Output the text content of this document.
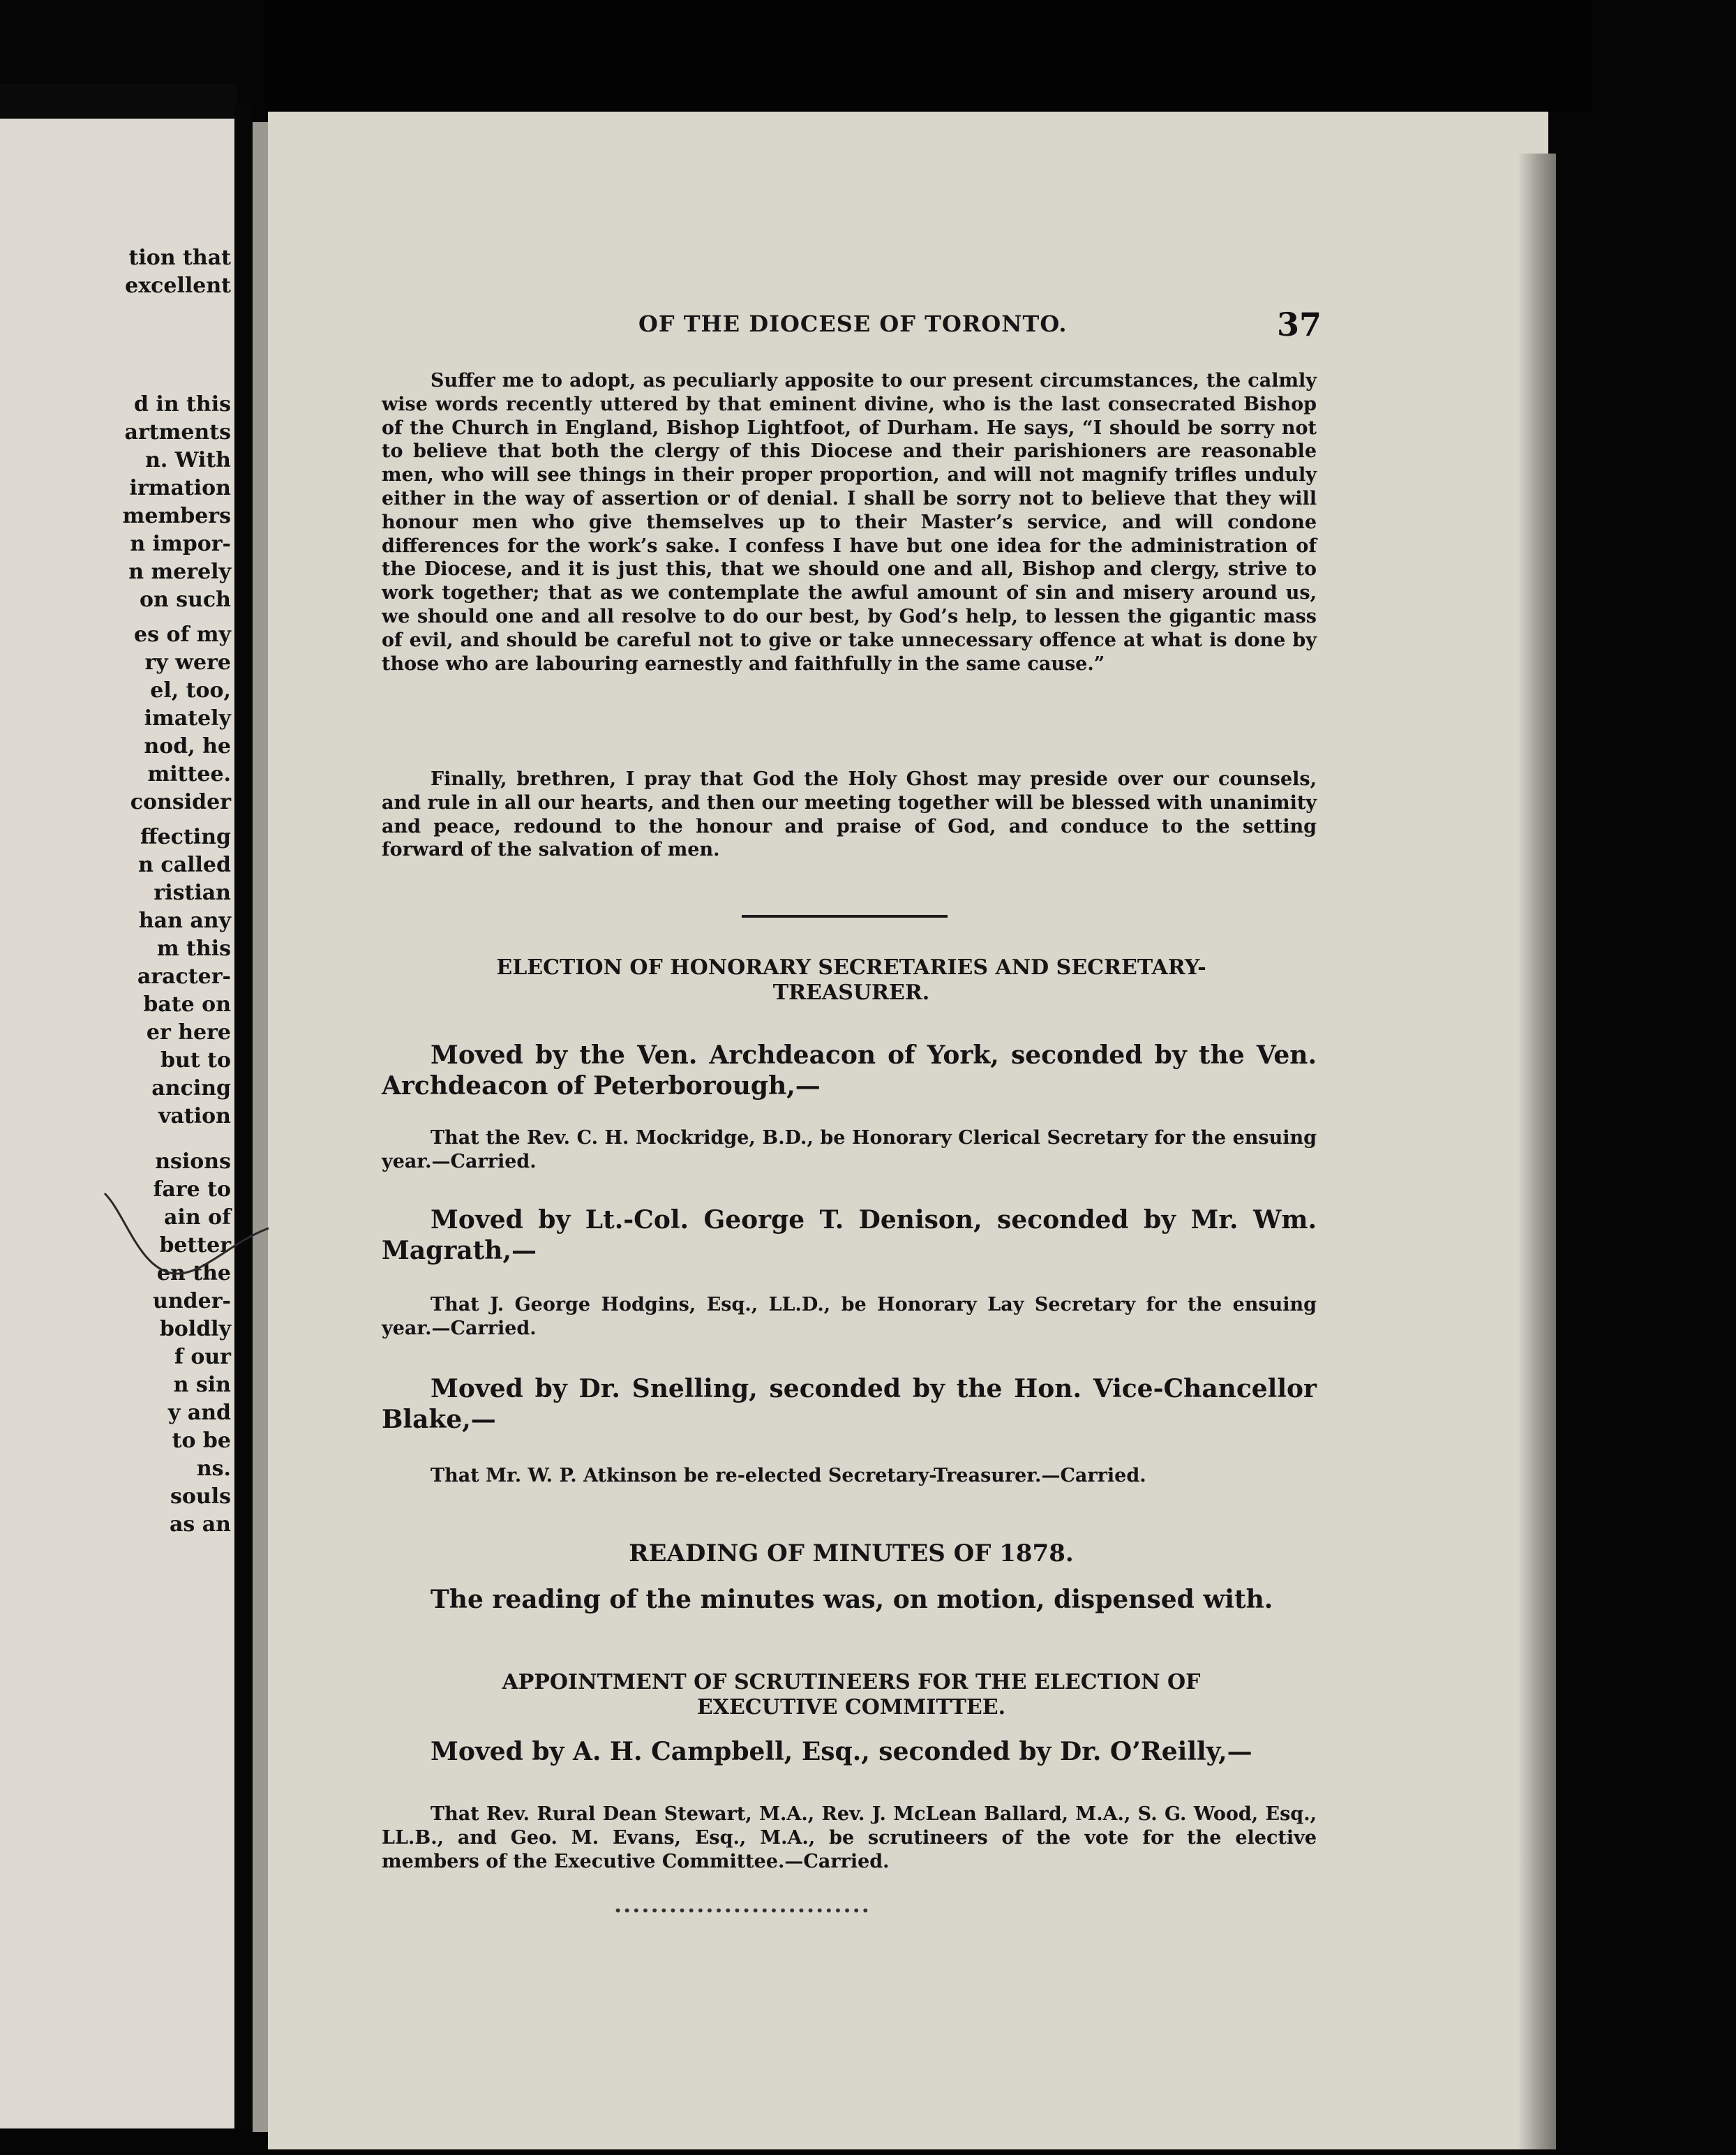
tion that
excellent
d in this
artments
n. With
irmation
members
n impor-
n merely
on such
es of my
ry were
el, too,
imately
nod, he
mittee.
consider
ffecting
n called
ristian
han any
m this
aracter-
bate on
er here
but to
ancing
vation
nsions
fare to
ain of
better
en the
under-
boldly
f our
n sin
y and
to be
ns.
souls
as an
OF THE DIOCESE OF TORONTO.	37

Suffer me to adopt, as peculiarly apposite to our present circumstances, the calmly wise words recently uttered by that eminent divine, who is the last consecrated Bishop of the Church in England, Bishop Lightfoot, of Durham. He says, “I should be sorry not to believe that both the clergy of this Diocese and their parishioners are reasonable men, who will see things in their proper proportion, and will not magnify trifles unduly either in the way of assertion or of denial. I shall be sorry not to believe that they will honour men who give themselves up to their Master’s service, and will condone differences for the work’s sake. I confess I have but one idea for the administration of the Diocese, and it is just this, that we should one and all, Bishop and clergy, strive to work together; that as we contemplate the awful amount of sin and misery around us, we should one and all resolve to do our best, by God’s help, to lessen the gigantic mass of evil, and should be careful not to give or take unnecessary offence at what is done by those who are labouring earnestly and faithfully in the same cause.”

Finally, brethren, I pray that God the Holy Ghost may preside over our counsels, and rule in all our hearts, and then our meeting together will be blessed with unanimity and peace, redound to the honour and praise of God, and conduce to the setting forward of the salvation of men.

ELECTION OF HONORARY SECRETARIES AND SECRETARY-TREASURER.

Moved by the Ven. Archdeacon of York, seconded by the Ven. Archdeacon of Peterborough,—

That the Rev. C. H. Mockridge, B.D., be Honorary Clerical Secretary for the ensuing year.—Carried.

Moved by Lt.-Col. George T. Denison, seconded by Mr. Wm. Magrath,—

That J. George Hodgins, Esq., LL.D., be Honorary Lay Secretary for the ensuing year.—Carried.

Moved by Dr. Snelling, seconded by the Hon. Vice-Chancellor Blake,—

That Mr. W. P. Atkinson be re-elected Secretary-Treasurer.—Carried.

READING OF MINUTES OF 1878.

The reading of the minutes was, on motion, dispensed with.

APPOINTMENT OF SCRUTINEERS FOR THE ELECTION OF EXECUTIVE COMMITTEE.

Moved by A. H. Campbell, Esq., seconded by Dr. O’Reilly,—

That Rev. Rural Dean Stewart, M.A., Rev. J. McLean Ballard, M.A., S. G. Wood, Esq., LL.B., and Geo. M. Evans, Esq., M.A., be scrutineers of the vote for the elective members of the Executive Committee.—Carried.

............................
